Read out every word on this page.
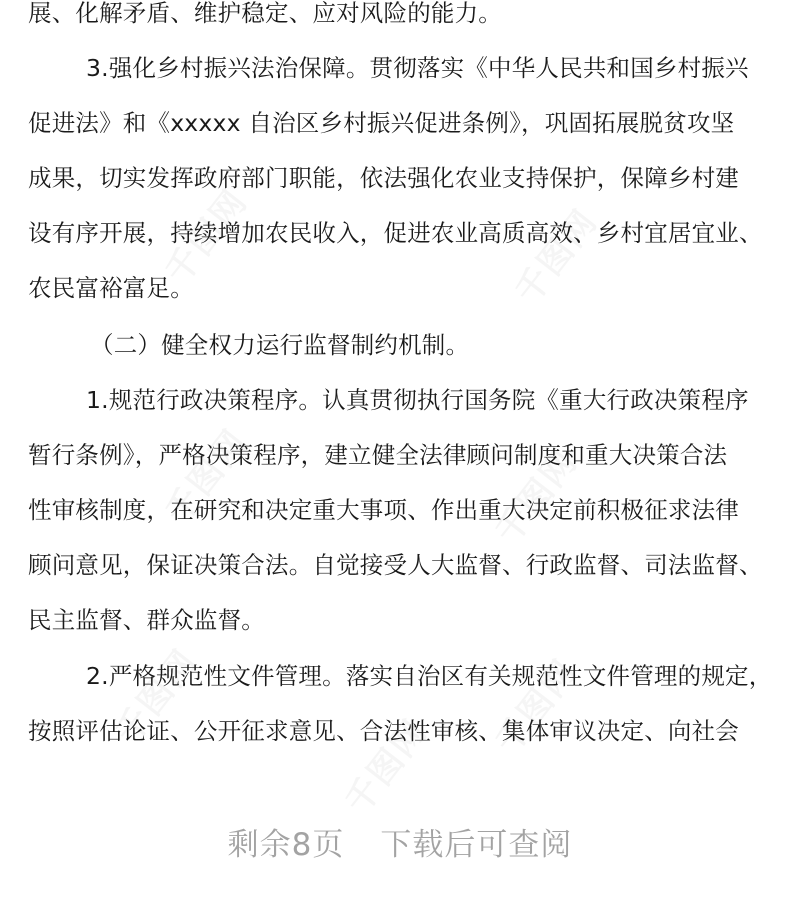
千图网	千图网
千图网	千图网
千图网	千图网
千图网
展、化解矛盾、维护稳定、应对风险的能力。
3.强化乡村振兴法治保障。贯彻落实《中华人民共和国乡村振兴
促进法》和《xxxxx 自治区乡村振兴促进条例》，巩固拓展脱贫攻坚
成果，切实发挥政府部门职能，依法强化农业支持保护，保障乡村建
设有序开展，持续增加农民收入，促进农业高质高效、乡村宜居宜业、
农民富裕富足。
（二）健全权力运行监督制约机制。
1.规范行政决策程序。认真贯彻执行国务院《重大行政决策程序
暂行条例》，严格决策程序，建立健全法律顾问制度和重大决策合法
性审核制度，在研究和决定重大事项、作出重大决定前积极征求法律
顾问意见，保证决策合法。自觉接受人大监督、行政监督、司法监督、
民主监督、群众监督。
2.严格规范性文件管理。落实自治区有关规范性文件管理的规定，
按照评估论证、公开征求意见、合法性审核、集体审议决定、向社会
剩余8页 下载后可查阅
